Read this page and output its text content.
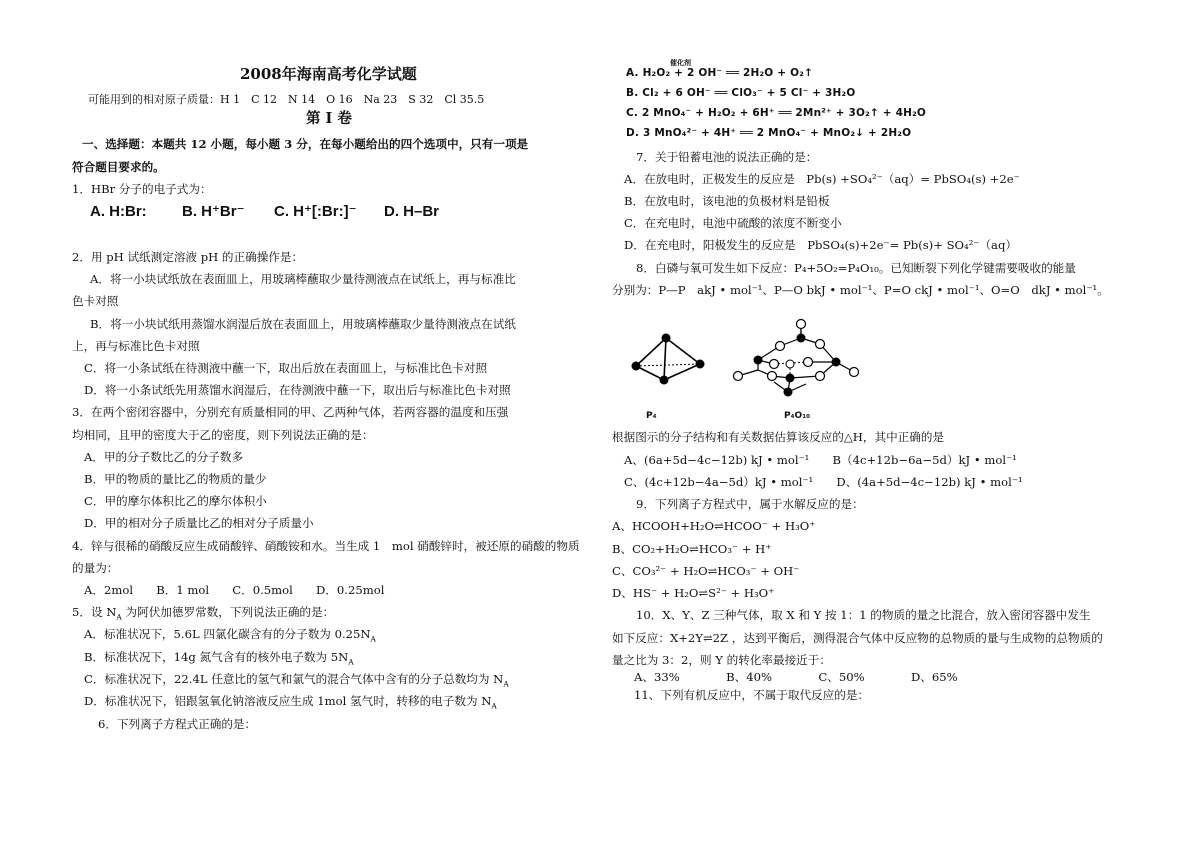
2008年海南高考化学试题
可能用到的相对原子质量：H 1　C 12　N 14　O 16　Na 23　S 32　Cl 35.5
第 I 卷
一、选择题：本题共 12 小题，每小题 3 分，在每小题给出的四个选项中，只有一项是
符合题目要求的。
1．HBr 分子的电子式为：
A. H:Br: B. H⁺Br⁻ C. H⁺[:Br:]⁻ D. H–Br
2．用 pH 试纸测定溶液 pH 的正确操作是：
A．将一小块试纸放在表面皿上，用玻璃棒蘸取少量待测液点在试纸上，再与标准比
色卡对照
B．将一小块试纸用蒸馏水润湿后放在表面皿上，用玻璃棒蘸取少量待测液点在试纸
上，再与标准比色卡对照
C．将一小条试纸在待测液中蘸一下，取出后放在表面皿上，与标准比色卡对照
D．将一小条试纸先用蒸馏水润湿后，在待测液中蘸一下，取出后与标准比色卡对照
3．在两个密闭容器中，分别充有质量相同的甲、乙两种气体，若两容器的温度和压强
均相同，且甲的密度大于乙的密度，则下列说法正确的是：
A．甲的分子数比乙的分子数多
B．甲的物质的量比乙的物质的量少
C．甲的摩尔体积比乙的摩尔体积小
D．甲的相对分子质量比乙的相对分子质量小
4．锌与很稀的硝酸反应生成硝酸锌、硝酸铵和水。当生成 1　mol 硝酸锌时，被还原的硝酸的物质
的量为：
A．2mol　　B．1 mol　　C．0.5mol　　D．0.25mol
5．设 $N_A$ 为阿伏加德罗常数，下列说法正确的是：
A．标准状况下，5.6L 四氯化碳含有的分子数为 $0.25N_A$
B．标准状况下，14g 氮气含有的核外电子数为 $5N_A$
C．标准状况下，22.4L 任意比的氢气和氯气的混合气体中含有的分子总数均为 $N_A$
D．标准状况下，铝跟氢氧化钠溶液反应生成 1mol 氢气时，转移的电子数为 $N_A$
6．下列离子方程式正确的是：
催化剂
A. H₂O₂ + 2 OH⁻ ══ 2H₂O + O₂↑
B. Cl₂ + 6 OH⁻ ══ ClO₃⁻ + 5 Cl⁻ + 3H₂O
C. 2 MnO₄⁻ + H₂O₂ + 6H⁺ ══ 2Mn²⁺ + 3O₂↑ + 4H₂O
D. 3 MnO₄²⁻ + 4H⁺ ══ 2 MnO₄⁻ + MnO₂↓ + 2H₂O
7．关于铅蓄电池的说法正确的是：
A．在放电时，正极发生的反应是　Pb(s) +SO₄²⁻（aq）= PbSO₄(s) +2e⁻
B．在放电时，该电池的负极材料是铅板
C．在充电时，电池中硫酸的浓度不断变小
D．在充电时，阳极发生的反应是　PbSO₄(s)+2e⁻= Pb(s)+ SO₄²⁻（aq）
8．白磷与氧可发生如下反应：P₄+5O₂=P₄O₁₀。已知断裂下列化学键需要吸收的能量
分别为：P—P　akJ • mol⁻¹、P—O bkJ • mol⁻¹、P=O ckJ • mol⁻¹、O=O　dkJ • mol⁻¹。
P₄	P₄O₁₀
根据图示的分子结构和有关数据估算该反应的△H，其中正确的是
A、(6a+5d−4c−12b) kJ • mol⁻¹　　B（4c+12b−6a−5d）kJ • mol⁻¹
C、(4c+12b−4a−5d）kJ • mol⁻¹　　D、(4a+5d−4c−12b) kJ • mol⁻¹
9．下列离子方程式中，属于水解反应的是：
A、HCOOH+H₂O⇌HCOO⁻ + H₃O⁺
B、CO₂+H₂O⇌HCO₃⁻ + H⁺
C、CO₃²⁻ + H₂O⇌HCO₃⁻ + OH⁻
D、HS⁻ + H₂O⇌S²⁻ + H₃O⁺
10．X、Y、Z 三种气体，取 X 和 Y 按 1：1 的物质的量之比混合，放入密闭容器中发生
如下反应：X+2Y⇌2Z ，达到平衡后，测得混合气体中反应物的总物质的量与生成物的总物质的
量之比为 3：2，则 Y 的转化率最接近于：
A、33%　　　　B、40%　　　　C、50%　　　　D、65%
11、下列有机反应中，不属于取代反应的是：
